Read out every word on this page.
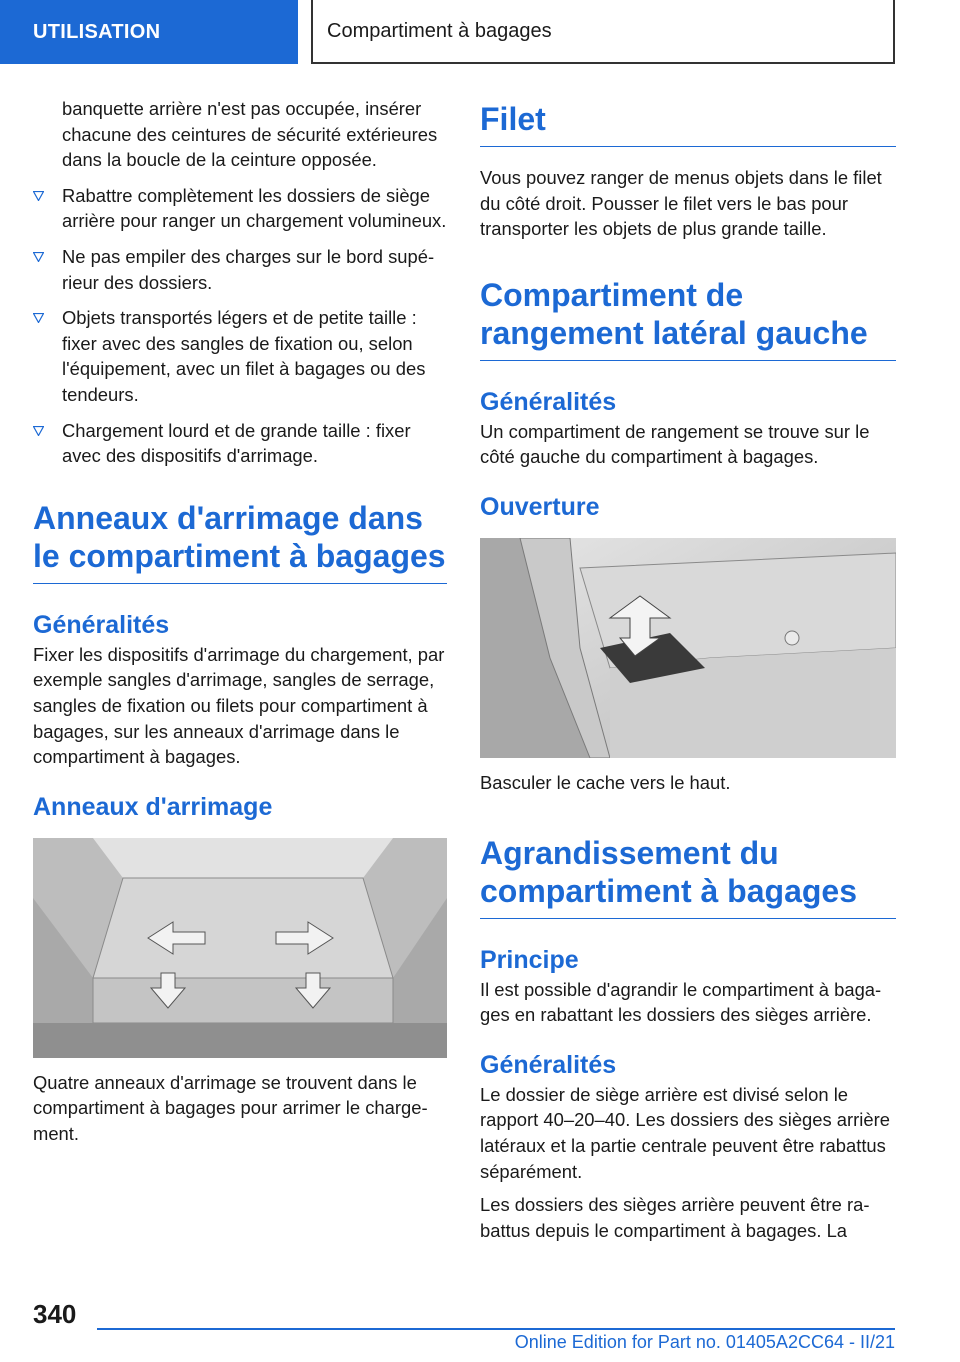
UTILISATION	Compartiment à bagages

banquette arrière n'est pas occupée, insérer chacune des ceintures de sécurité extérieures dans la boucle de la ceinture opposée.

Rabattre complètement les dossiers de siège arrière pour ranger un chargement volumineux.

Ne pas empiler des charges sur le bord supérieur des dossiers.

Objets transportés légers et de petite taille : fixer avec des sangles de fixation ou, selon l'équipement, avec un filet à bagages ou des tendeurs.

Chargement lourd et de grande taille : fixer avec des dispositifs d'arrimage.

Anneaux d'arrimage dans le compartiment à bagages
Généralités

Fixer les dispositifs d'arrimage du chargement, par exemple sangles d'arrimage, sangles de serrage, sangles de fixation ou filets pour compartiment à bagages, sur les anneaux d'arrimage dans le compartiment à bagages.

Anneaux d'arrimage

Quatre anneaux d'arrimage se trouvent dans le compartiment à bagages pour arrimer le chargement.

Filet

Vous pouvez ranger de menus objets dans le filet du côté droit. Pousser le filet vers le bas pour transporter les objets de plus grande taille.

Compartiment de rangement latéral gauche
Généralités

Un compartiment de rangement se trouve sur le côté gauche du compartiment à bagages.

Ouverture

Basculer le cache vers le haut.

Agrandissement du compartiment à bagages
Principe

Il est possible d'agrandir le compartiment à bagages en rabattant les dossiers des sièges arrière.

Généralités

Le dossier de siège arrière est divisé selon le rapport 40–20–40. Les dossiers des sièges arrière latéraux et la partie centrale peuvent être rabattus séparément.

Les dossiers des sièges arrière peuvent être rabattus depuis le compartiment à bagages. La

340
Online Edition for Part no. 01405A2CC64 - II/21
